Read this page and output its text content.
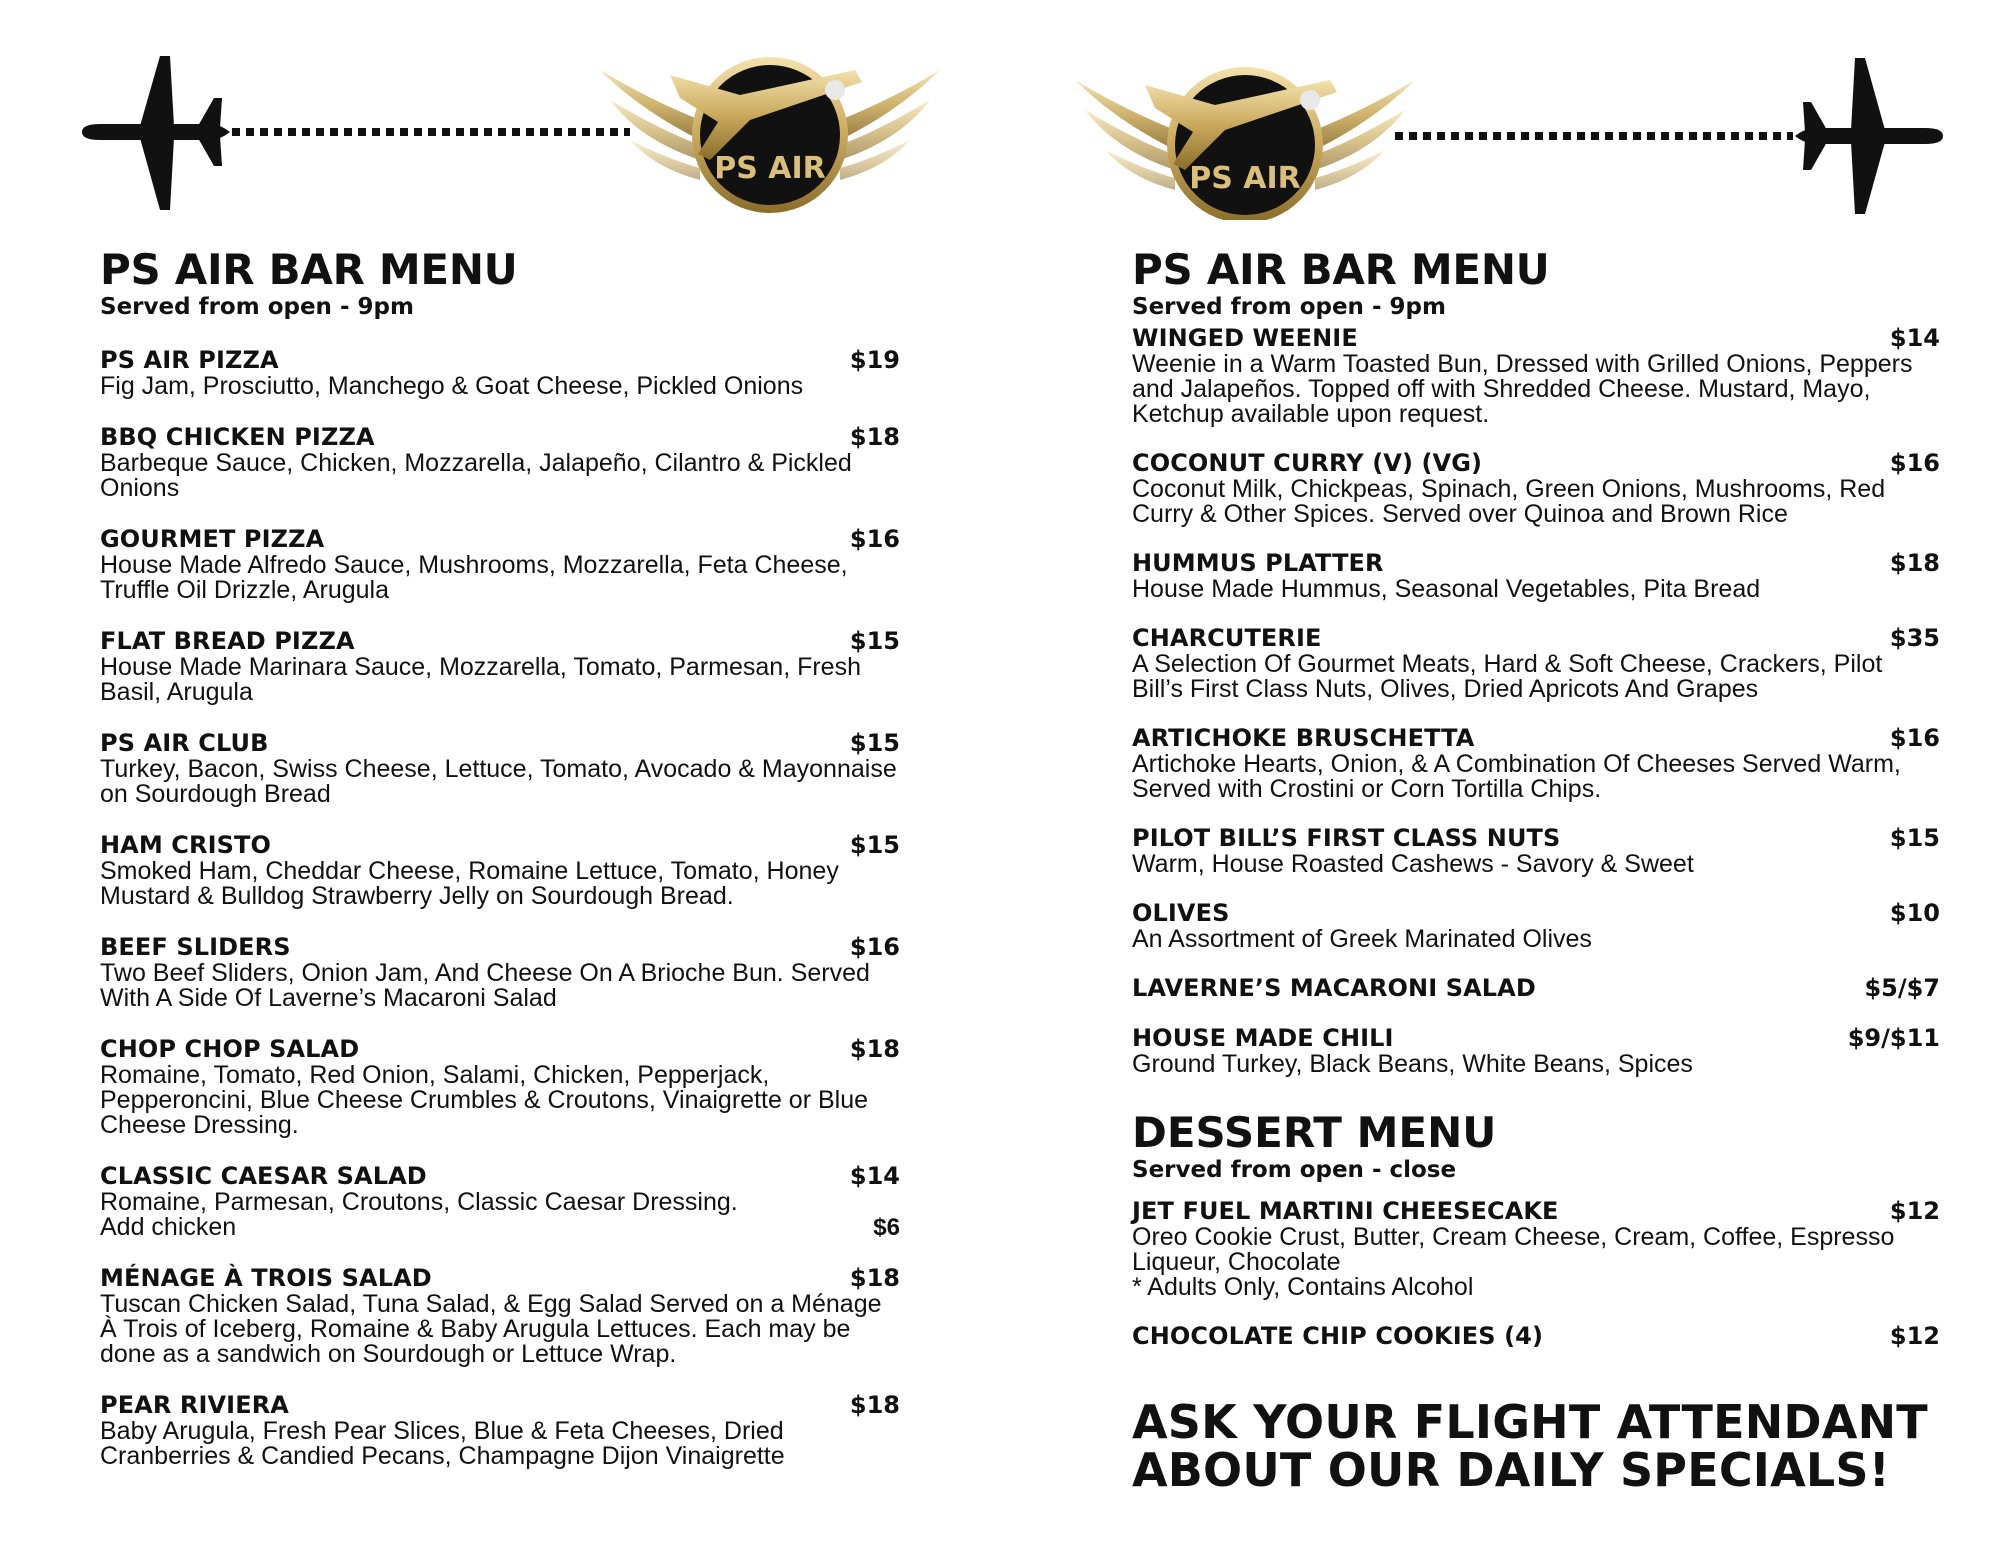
PS AIR
PS AIR BAR MENU
Served from open - 9pm
PS AIR PIZZA	$19
Fig Jam, Prosciutto, Manchego & Goat Cheese, Pickled Onions
BBQ CHICKEN PIZZA	$18
Barbeque Sauce, Chicken, Mozzarella, Jalapeño, Cilantro & Pickled Onions
GOURMET PIZZA	$16
House Made Alfredo Sauce, Mushrooms, Mozzarella, Feta Cheese, Truffle Oil Drizzle, Arugula
FLAT BREAD PIZZA	$15
House Made Marinara Sauce, Mozzarella, Tomato, Parmesan, Fresh Basil, Arugula
PS AIR CLUB	$15
Turkey, Bacon, Swiss Cheese, Lettuce, Tomato, Avocado & Mayonnaise on Sourdough Bread
HAM CRISTO	$15
Smoked Ham, Cheddar Cheese, Romaine Lettuce, Tomato, Honey Mustard & Bulldog Strawberry Jelly on Sourdough Bread.
BEEF SLIDERS	$16
Two Beef Sliders, Onion Jam, And Cheese On A Brioche Bun. Served With A Side Of Laverne’s Macaroni Salad
CHOP CHOP SALAD	$18
Romaine, Tomato, Red Onion, Salami, Chicken, Pepperjack, Pepperoncini, Blue Cheese Crumbles & Croutons, Vinaigrette or Blue Cheese Dressing.
CLASSIC CAESAR SALAD	$14
Romaine, Parmesan, Croutons, Classic Caesar Dressing.
Add chicken	$6
MÉNAGE À TROIS SALAD	$18
Tuscan Chicken Salad, Tuna Salad, & Egg Salad Served on a Ménage À Trois of Iceberg, Romaine & Baby Arugula Lettuces. Each may be done as a sandwich on Sourdough or Lettuce Wrap.
PEAR RIVIERA	$18
Baby Arugula, Fresh Pear Slices, Blue & Feta Cheeses, Dried Cranberries & Candied Pecans, Champagne Dijon Vinaigrette
PS AIR
PS AIR BAR MENU
Served from open - 9pm
WINGED WEENIE	$14
Weenie in a Warm Toasted Bun, Dressed with Grilled Onions, Peppers and Jalapeños. Topped off with Shredded Cheese. Mustard, Mayo, Ketchup available upon request.
COCONUT CURRY (V) (VG)	$16
Coconut Milk, Chickpeas, Spinach, Green Onions, Mushrooms, Red Curry & Other Spices. Served over Quinoa and Brown Rice
HUMMUS PLATTER	$18
House Made Hummus, Seasonal Vegetables, Pita Bread
CHARCUTERIE	$35
A Selection Of Gourmet Meats, Hard & Soft Cheese, Crackers, Pilot Bill’s First Class Nuts, Olives, Dried Apricots And Grapes
ARTICHOKE BRUSCHETTA	$16
Artichoke Hearts, Onion, & A Combination Of Cheeses Served Warm, Served with Crostini or Corn Tortilla Chips.
PILOT BILL’S FIRST CLASS NUTS	$15
Warm, House Roasted Cashews - Savory & Sweet
OLIVES	$10
An Assortment of Greek Marinated Olives
LAVERNE’S MACARONI SALAD	$5/$7
HOUSE MADE CHILI	$9/$11
Ground Turkey, Black Beans, White Beans, Spices
DESSERT MENU
Served from open - close
JET FUEL MARTINI CHEESECAKE	$12
Oreo Cookie Crust, Butter, Cream Cheese, Cream, Coffee, Espresso Liqueur, Chocolate
* Adults Only, Contains Alcohol
CHOCOLATE CHIP COOKIES (4)	$12
ASK YOUR FLIGHT ATTENDANT
ABOUT OUR DAILY SPECIALS!
